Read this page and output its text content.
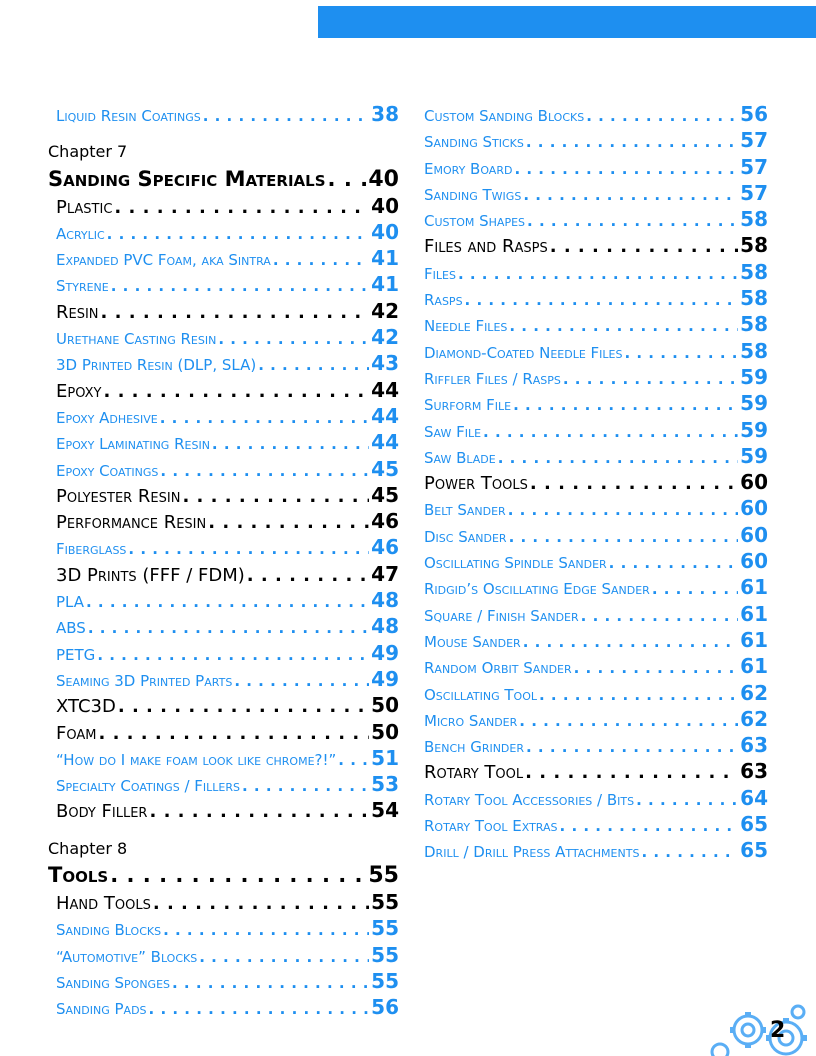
Liquid Resin Coatings . . .	38
Chapter 7
Sanding Specific Materials . . . 40
Plastic . . .	40
Acrylic . . .	40
Expanded PVC Foam, aka Sintra . . .	41
Styrene . . .	41
Resin . . .	42
Urethane Casting Resin . . .	42
3D Printed Resin (DLP, SLA) . . .	43
Epoxy . . .	44
Epoxy Adhesive . . .	44
Epoxy Laminating Resin . . .	44
Epoxy Coatings . . .	45
Polyester Resin . . .	45
Performance Resin . . .	46
Fiberglass . . .	46
3D Prints (FFF / FDM) . . .	47
PLA . . .	48
ABS . . .	48
PETG . . .	49
Seaming 3D Printed Parts . . .	49
XTC3D . . .	50
Foam . . .	50
“How do I make foam look like chrome?!” . . . 51
Specialty Coatings / Fillers . . .	53
Body Filler . . .	54
Chapter 8
Tools . . .	55
Hand Tools . . .	55
Sanding Blocks . . .	55
“Automotive” Blocks . . .	55
Sanding Sponges . . .	55
Sanding Pads . . .	56
Custom Sanding Blocks . . .	56
Sanding Sticks . . .	57
Emory Board . . .	57
Sanding Twigs . . .	57
Custom Shapes . . .	58
Files and Rasps . . .	58
Files . . .	58
Rasps . . .	58
Needle Files . . .	58
Diamond-Coated Needle Files . . .	58
Riffler Files / Rasps . . .	59
Surform File . . .	59
Saw File . . .	59
Saw Blade . . .	59
Power Tools . . .	60
Belt Sander . . .	60
Disc Sander . . .	60
Oscillating Spindle Sander . . .	60
Ridgid’s Oscillating Edge Sander . . .	61
Square / Finish Sander . . .	61
Mouse Sander . . .	61
Random Orbit Sander . . .	61
Oscillating Tool . . .	62
Micro Sander . . .	62
Bench Grinder . . .	63
Rotary Tool . . .	63
Rotary Tool Accessories / Bits . . .	64
Rotary Tool Extras . . .	65
Drill / Drill Press Attachments . . .	65
2
